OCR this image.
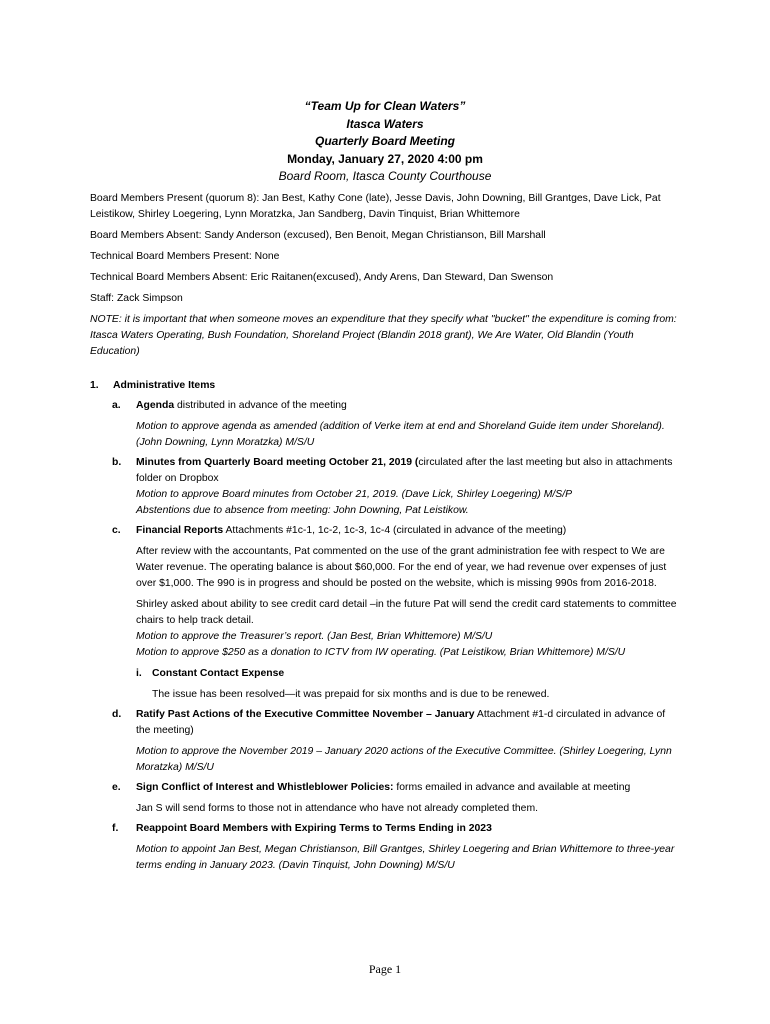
“Team Up for Clean Waters”
Itasca Waters
Quarterly Board Meeting
Monday, January 27, 2020 4:00 pm
Board Room, Itasca County Courthouse

Board Members Present (quorum 8): Jan Best, Kathy Cone (late), Jesse Davis, John Downing, Bill Grantges, Dave Lick, Pat Leistikow, Shirley Loegering, Lynn Moratzka, Jan Sandberg, Davin Tinquist, Brian Whittemore

Board Members Absent: Sandy Anderson (excused), Ben Benoit, Megan Christianson, Bill Marshall

Technical Board Members Present: None

Technical Board Members Absent: Eric Raitanen(excused), Andy Arens, Dan Steward, Dan Swenson

Staff: Zack Simpson

NOTE: it is important that when someone moves an expenditure that they specify what "bucket" the expenditure is coming from: Itasca Waters Operating, Bush Foundation, Shoreland Project (Blandin 2018 grant), We Are Water, Old Blandin (Youth Education)

1.	Administrative Items
a. Agenda distributed in advance of the meeting

Motion to approve agenda as amended (addition of Verke item at end and Shoreland Guide item under Shoreland). (John Downing, Lynn Moratzka) M/S/U

b. Minutes from Quarterly Board meeting October 21, 2019 (circulated after the last meeting but also in attachments folder on Dropbox

Motion to approve Board minutes from October 21, 2019. (Dave Lick, Shirley Loegering) M/S/P

Abstentions due to absence from meeting: John Downing, Pat Leistikow.

c. Financial Reports Attachments #1c-1, 1c-2, 1c-3, 1c-4 (circulated in advance of the meeting)

After review with the accountants, Pat commented on the use of the grant administration fee with respect to We are Water revenue. The operating balance is about $60,000. For the end of year, we had revenue over expenses of just over $1,000. The 990 is in progress and should be posted on the website, which is missing 990s from 2016-2018.

Shirley asked about ability to see credit card detail –in the future Pat will send the credit card statements to committee chairs to help track detail.

Motion to approve the Treasurer’s report. (Jan Best, Brian Whittemore) M/S/U

Motion to approve $250 as a donation to ICTV from IW operating. (Pat Leistikow, Brian Whittemore) M/S/U

i. Constant Contact Expense

The issue has been resolved—it was prepaid for six months and is due to be renewed.

d. Ratify Past Actions of the Executive Committee November – January Attachment #1-d circulated in advance of the meeting)

Motion to approve the November 2019 – January 2020 actions of the Executive Committee. (Shirley Loegering, Lynn Moratzka) M/S/U

e. Sign Conflict of Interest and Whistleblower Policies: forms emailed in advance and available at meeting

Jan S will send forms to those not in attendance who have not already completed them.

f. Reappoint Board Members with Expiring Terms to Terms Ending in 2023

Motion to appoint Jan Best, Megan Christianson, Bill Grantges, Shirley Loegering and Brian Whittemore to three-year terms ending in January 2023. (Davin Tinquist, John Downing) M/S/U

Page 1
